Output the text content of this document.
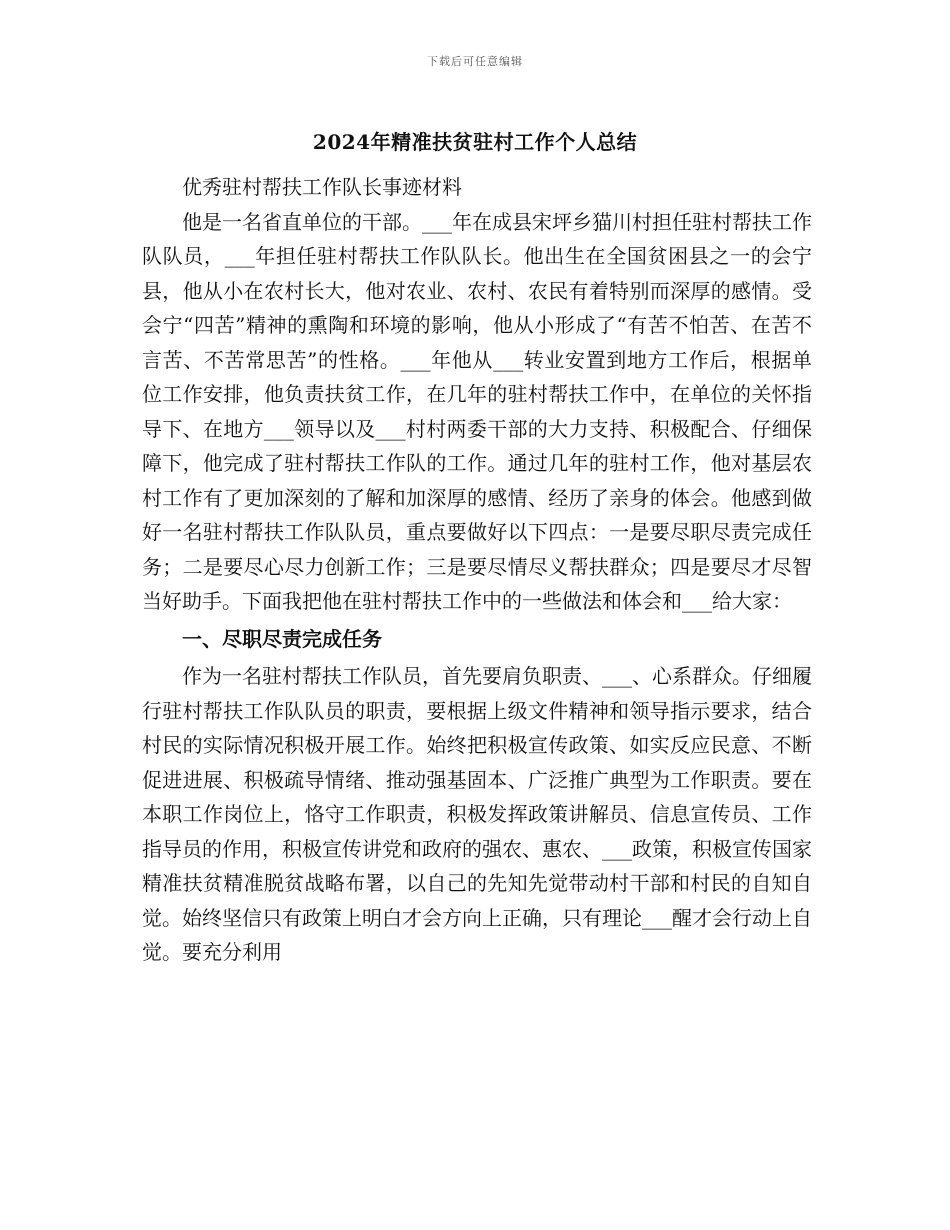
下载后可任意编辑
2024年精准扶贫驻村工作个人总结

优秀驻村帮扶工作队长事迹材料

他是一名省直单位的干部。___年在成县宋坪乡猫川村担任驻村帮扶工作队队员，___年担任驻村帮扶工作队队长。他出生在全国贫困县之一的会宁县，他从小在农村长大，他对农业、农村、农民有着特别而深厚的感情。受会宁“四苦”精神的熏陶和环境的影响，他从小形成了“有苦不怕苦、在苦不言苦、不苦常思苦”的性格。___年他从___转业安置到地方工作后，根据单位工作安排，他负责扶贫工作，在几年的驻村帮扶工作中，在单位的关怀指导下、在地方___领导以及___村村两委干部的大力支持、积极配合、仔细保障下，他完成了驻村帮扶工作队的工作。通过几年的驻村工作，他对基层农村工作有了更加深刻的了解和加深厚的感情、经历了亲身的体会。他感到做好一名驻村帮扶工作队队员，重点要做好以下四点：一是要尽职尽责完成任务；二是要尽心尽力创新工作；三是要尽情尽义帮扶群众；四是要尽才尽智当好助手。下面我把他在驻村帮扶工作中的一些做法和体会和___给大家：

一、尽职尽责完成任务

作为一名驻村帮扶工作队员，首先要肩负职责、___、心系群众。仔细履行驻村帮扶工作队队员的职责，要根据上级文件精神和领导指示要求，结合村民的实际情况积极开展工作。始终把积极宣传政策、如实反应民意、不断促进进展、积极疏导情绪、推动强基固本、广泛推广典型为工作职责。要在本职工作岗位上，恪守工作职责，积极发挥政策讲解员、信息宣传员、工作指导员的作用，积极宣传讲党和政府的强农、惠农、___政策，积极宣传国家精准扶贫精准脱贫战略布署，以自己的先知先觉带动村干部和村民的自知自觉。始终坚信只有政策上明白才会方向上正确，只有理论___醒才会行动上自觉。要充分利用
